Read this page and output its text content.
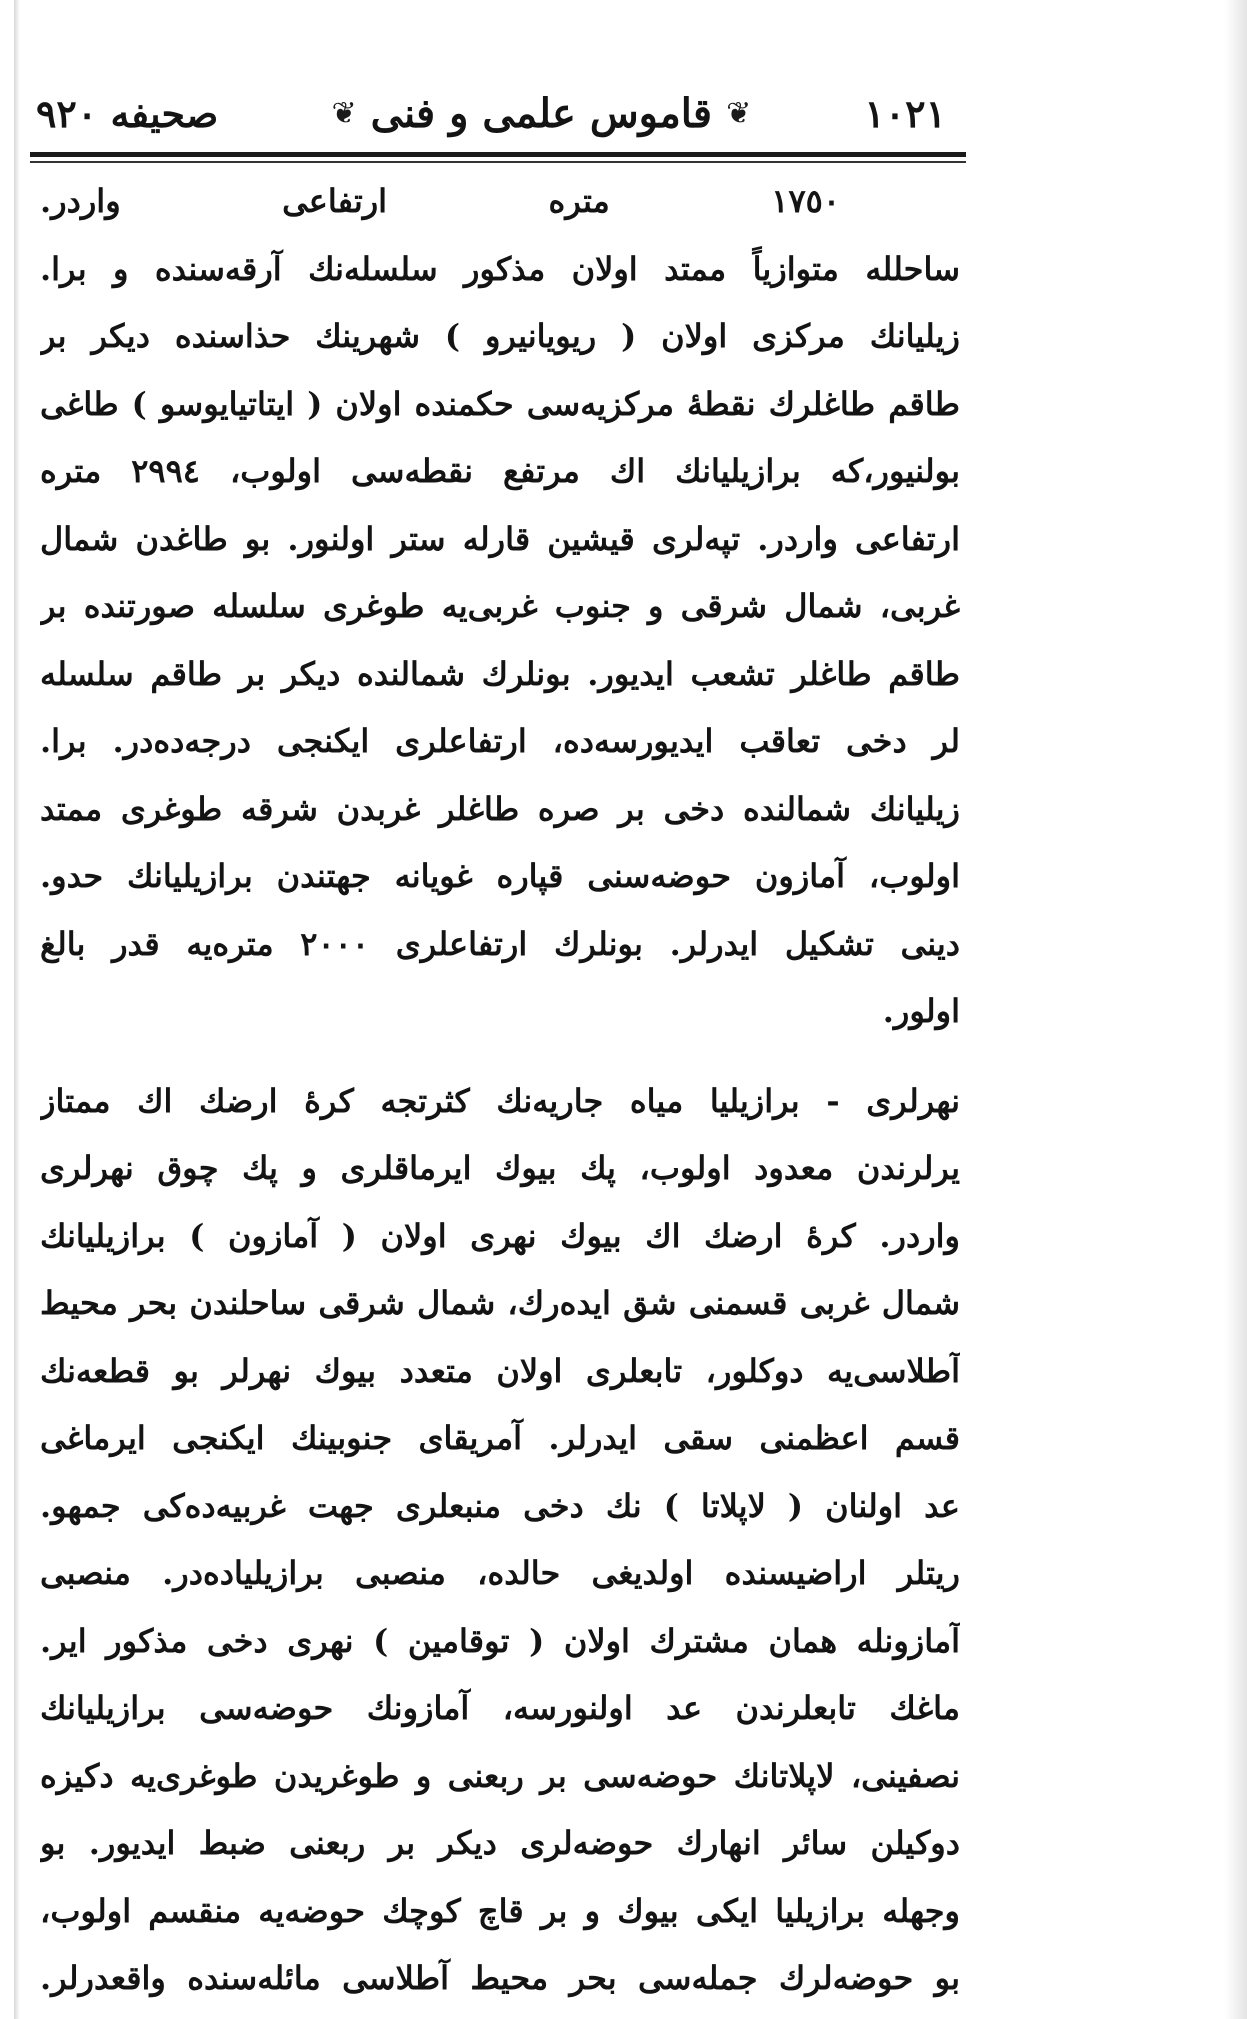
١٠٢١
❦
قاموس علمی و فنی
❦
صحیفه ٩٢٠
١٧٥٠ متره ارتفاعی واردر.
ساحلله متوازیاً ممتد اولان مذکور سلسله‌نك آرقه‌سنده و برا.
زیلیانك مرکزی اولان ( ریویانیرو ) شهرینك حذاسنده دیکر بر
طاقم طاغلرك نقطهٔ مرکزیه‌سی حکمنده اولان ( ایتاتیایوسو ) طاغی
بولنیور،که برازیلیانك اك مرتفع نقطه‌سی اولوب، ٢٩٩٤ متره
ارتفاعی واردر. تپه‌لری قیشین قارله ستر اولنور. بو طاغدن شمال
غربی، شمال شرقی و جنوب غربی‌یه طوغری سلسله صورتنده بر
طاقم طاغلر تشعب ایدیور. بونلرك شمالنده دیکر بر طاقم سلسله
لر دخی تعاقب ایدیورسه‌ده، ارتفاعلری ایکنجی درجه‌ده‌در. برا.
زیلیانك شمالنده دخی بر صره طاغلر غربدن شرقه طوغری ممتد
اولوب، آمازون حوضه‌سنی قپاره غویانه جهتندن برازیلیانك حدو.
دینی تشکیل ایدرلر. بونلرك ارتفاعلری ٢٠٠٠ متره‌یه قدر بالغ
اولور.
نهرلری - برازیلیا میاه جاریه‌نك کثرتجه کرهٔ ارضك اك ممتاز
یرلرندن معدود اولوب، پك بیوك ایرماقلری و پك چوق نهرلری
واردر. کرهٔ ارضك اك بیوك نهری اولان ( آمازون ) برازیلیانك
شمال غربی قسمنی شق ایده‌رك، شمال شرقی ساحلندن بحر محیط
آطلاسی‌یه دوکلور، تابعلری اولان متعدد بیوك نهرلر بو قطعه‌نك
قسم اعظمنی سقی ایدرلر. آمریقای جنوبینك ایکنجی ایرماغی
عد اولنان ( لاپلاتا ) نك دخی منبعلری جهت غربیه‌ده‌کی جمهو.
ریتلر اراضیسنده اولدیغی حالده، منصبی برازیلیاده‌در. منصبی
آمازونله همان مشترك اولان ( توقامین ) نهری دخی مذکور ایر.
ماغك تابعلرندن عد اولنورسه، آمازونك حوضه‌سی برازیلیانك
نصفینی، لاپلاتانك حوضه‌سی بر ربعنی و طوغریدن طوغری‌یه دکیزه
دوکیلن سائر انهارك حوضه‌لری دیکر بر ربعنی ضبط ایدیور. بو
وجهله برازیلیا ایکی بیوك و بر قاچ کوچك حوضه‌یه منقسم اولوب،
بو حوضه‌لرك جمله‌سی بحر محیط آطلاسی مائله‌سنده واقعدرلر.
